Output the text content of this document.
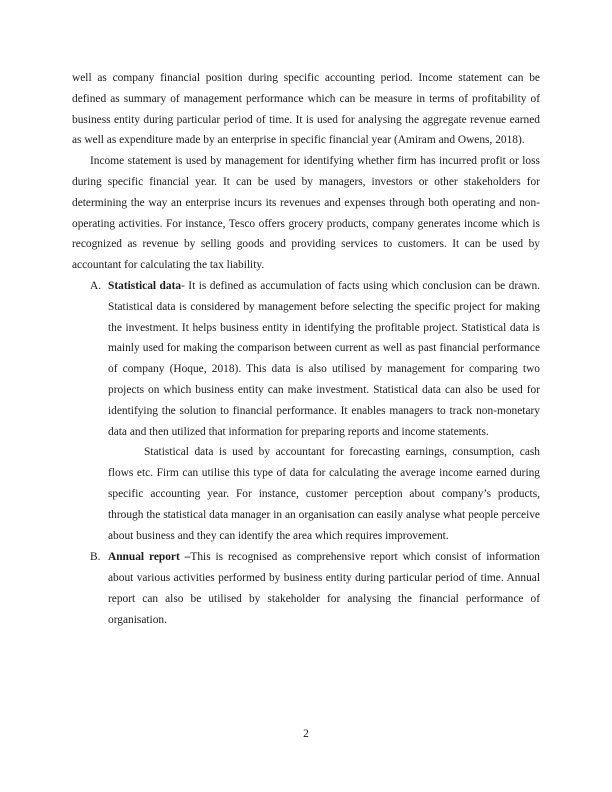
well as company financial position during specific accounting period. Income statement can be defined as summary of management performance which can be measure in terms of profitability of business entity during particular period of time. It is used for analysing the aggregate revenue earned as well as expenditure made by an enterprise in specific financial year (Amiram and Owens, 2018).

Income statement is used by management for identifying whether firm has incurred profit or loss during specific financial year. It can be used by managers, investors or other stakeholders for determining the way an enterprise incurs its revenues and expenses through both operating and non-operating activities. For instance, Tesco offers grocery products, company generates income which is recognized as revenue by selling goods and providing services to customers. It can be used by accountant for calculating the tax liability.

A. Statistical data- It is defined as accumulation of facts using which conclusion can be drawn. Statistical data is considered by management before selecting the specific project for making the investment. It helps business entity in identifying the profitable project. Statistical data is mainly used for making the comparison between current as well as past financial performance of company (Hoque, 2018). This data is also utilised by management for comparing two projects on which business entity can make investment. Statistical data can also be used for identifying the solution to financial performance. It enables managers to track non-monetary data and then utilized that information for preparing reports and income statements.

Statistical data is used by accountant for forecasting earnings, consumption, cash flows etc. Firm can utilise this type of data for calculating the average income earned during specific accounting year. For instance, customer perception about company’s products, through the statistical data manager in an organisation can easily analyse what people perceive about business and they can identify the area which requires improvement.

B. Annual report –This is recognised as comprehensive report which consist of information about various activities performed by business entity during particular period of time. Annual report can also be utilised by stakeholder for analysing the financial performance of organisation.

2
